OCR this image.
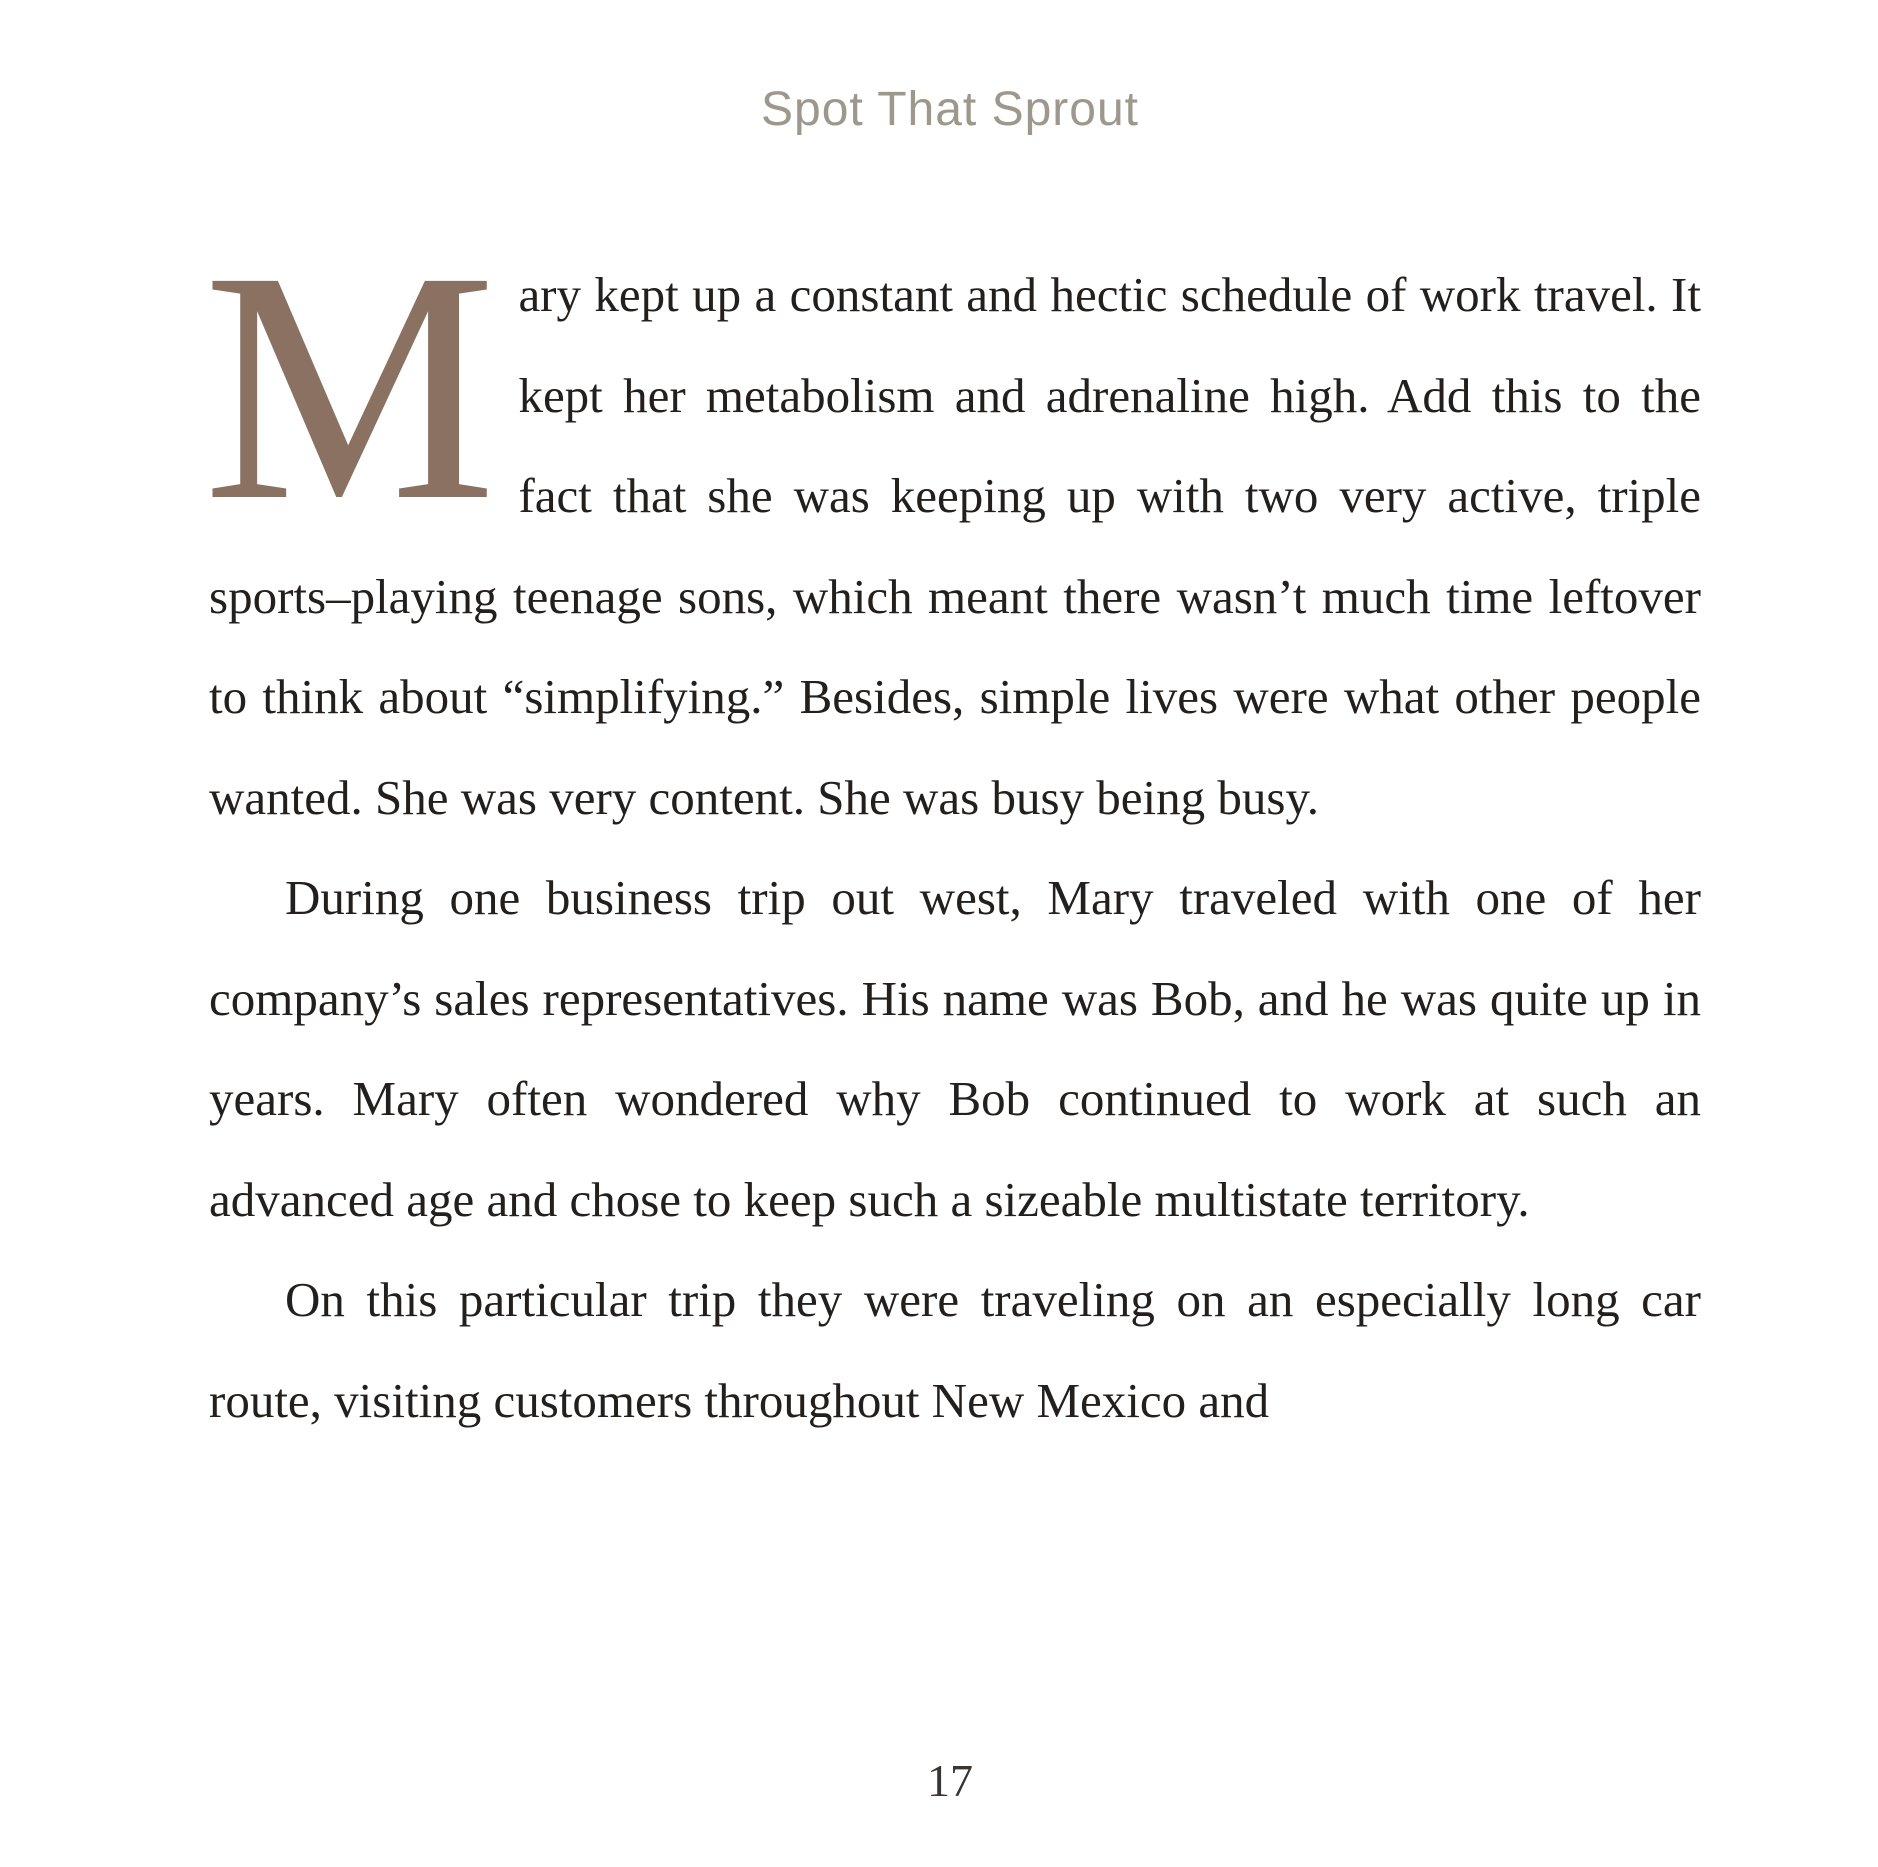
Spot That Sprout

Mary kept up a constant and hectic schedule of work travel. It kept her metabolism and adrenaline high. Add this to the fact that she was keeping up with two very active, triple sports–playing teenage sons, which meant there wasn’t much time leftover to think about “simplifying.” Besides, simple lives were what other people wanted. She was very content. She was busy being busy.

During one business trip out west, Mary traveled with one of her company’s sales representatives. His name was Bob, and he was quite up in years. Mary often wondered why Bob continued to work at such an advanced age and chose to keep such a sizeable multistate territory.

On this particular trip they were traveling on an especially long car route, visiting customers throughout New Mexico and

17
